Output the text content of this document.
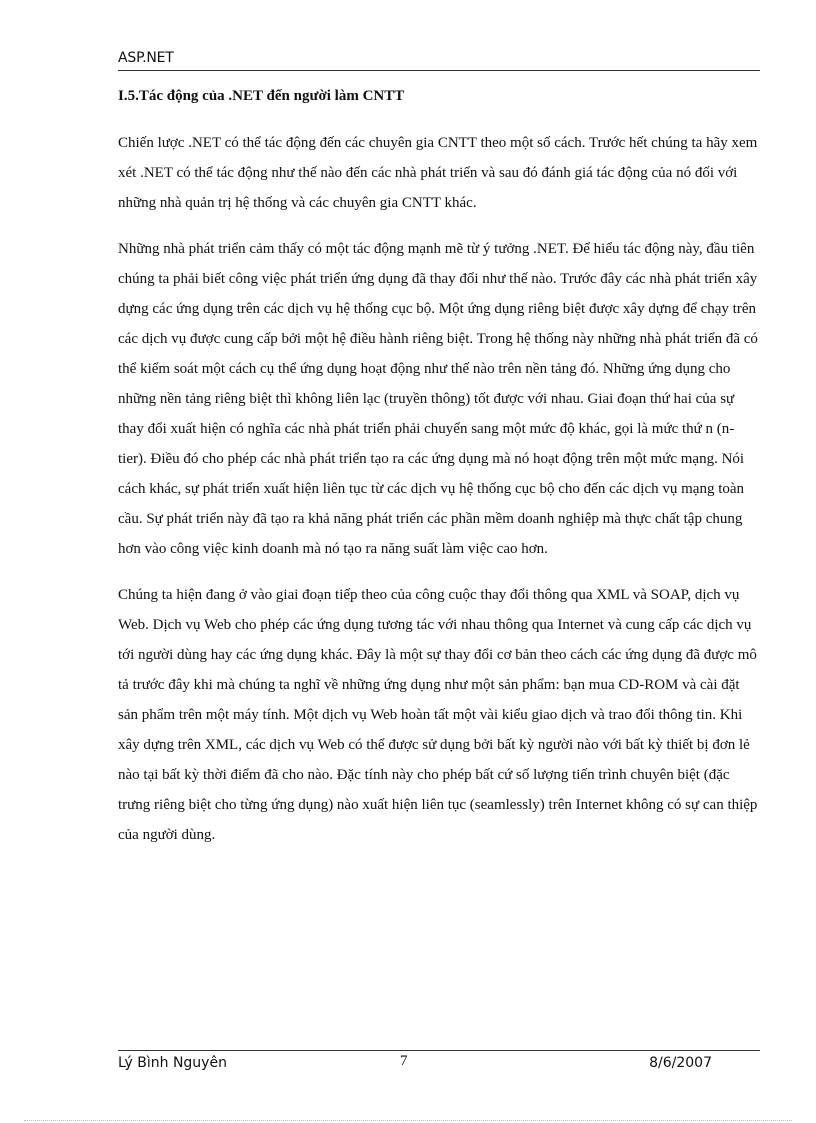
ASP.NET
I.5.Tác động của .NET đến người làm CNTT

Chiến lược .NET có thể tác động đến các chuyên gia CNTT theo một số cách. Trước hết chúng ta hãy xem xét .NET có thể tác động như thế nào đến các nhà phát triển và sau đó đánh giá tác động của nó đối với những nhà quản trị hệ thống và các chuyên gia CNTT khác.

Những nhà phát triển cảm thấy có một tác động mạnh mẽ từ ý tưởng .NET. Để hiểu tác động này, đầu tiên chúng ta phải biết công việc phát triển ứng dụng đã thay đổi như thế nào. Trước đây các nhà phát triển xây dựng các ứng dụng trên các dịch vụ hệ thống cục bộ. Một ứng dụng riêng biệt được xây dựng để chạy trên các dịch vụ được cung cấp bởi một hệ điều hành riêng biệt. Trong hệ thống này những nhà phát triển đã có thể kiểm soát một cách cụ thể ứng dụng hoạt động như thế nào trên nền tảng đó. Những ứng dụng cho những nền tảng riêng biệt thì không liên lạc (truyền thông) tốt được với nhau. Giai đoạn thứ hai của sự thay đổi xuất hiện có nghĩa các nhà phát triển phải chuyển sang một mức độ khác, gọi là mức thứ n (n-tier). Điều đó cho phép các nhà phát triển tạo ra các ứng dụng mà nó hoạt động trên một mức mạng. Nói cách khác, sự phát triển xuất hiện liên tục từ các dịch vụ hệ thống cục bộ cho đến các dịch vụ mạng toàn cầu. Sự phát triển này đã tạo ra khả năng phát triển các phần mềm doanh nghiệp mà thực chất tập chung hơn vào công việc kinh doanh mà nó tạo ra năng suất làm việc cao hơn.

Chúng ta hiện đang ở vào giai đoạn tiếp theo của công cuộc thay đổi thông qua XML và SOAP, dịch vụ Web. Dịch vụ Web cho phép các ứng dụng tương tác với nhau thông qua Internet và cung cấp các dịch vụ tới người dùng hay các ứng dụng khác. Đây là một sự thay đổi cơ bản theo cách các ứng dụng đã được mô tả trước đây khi mà chúng ta nghĩ về những ứng dụng như một sản phẩm: bạn mua CD-ROM và cài đặt sản phẩm trên một máy tính. Một dịch vụ Web hoàn tất một vài kiểu giao dịch và trao đổi thông tin. Khi xây dựng trên XML, các dịch vụ Web có thể được sử dụng bởi bất kỳ người nào với bất kỳ thiết bị đơn lẻ nào tại bất kỳ thời điểm đã cho nào. Đặc tính này cho phép bất cứ số lượng tiến trình chuyên biệt (đặc trưng riêng biệt cho từng ứng dụng) nào xuất hiện liên tục (seamlessly) trên Internet không có sự can thiệp của người dùng.

Lý Bình Nguyên	7	8/6/2007
